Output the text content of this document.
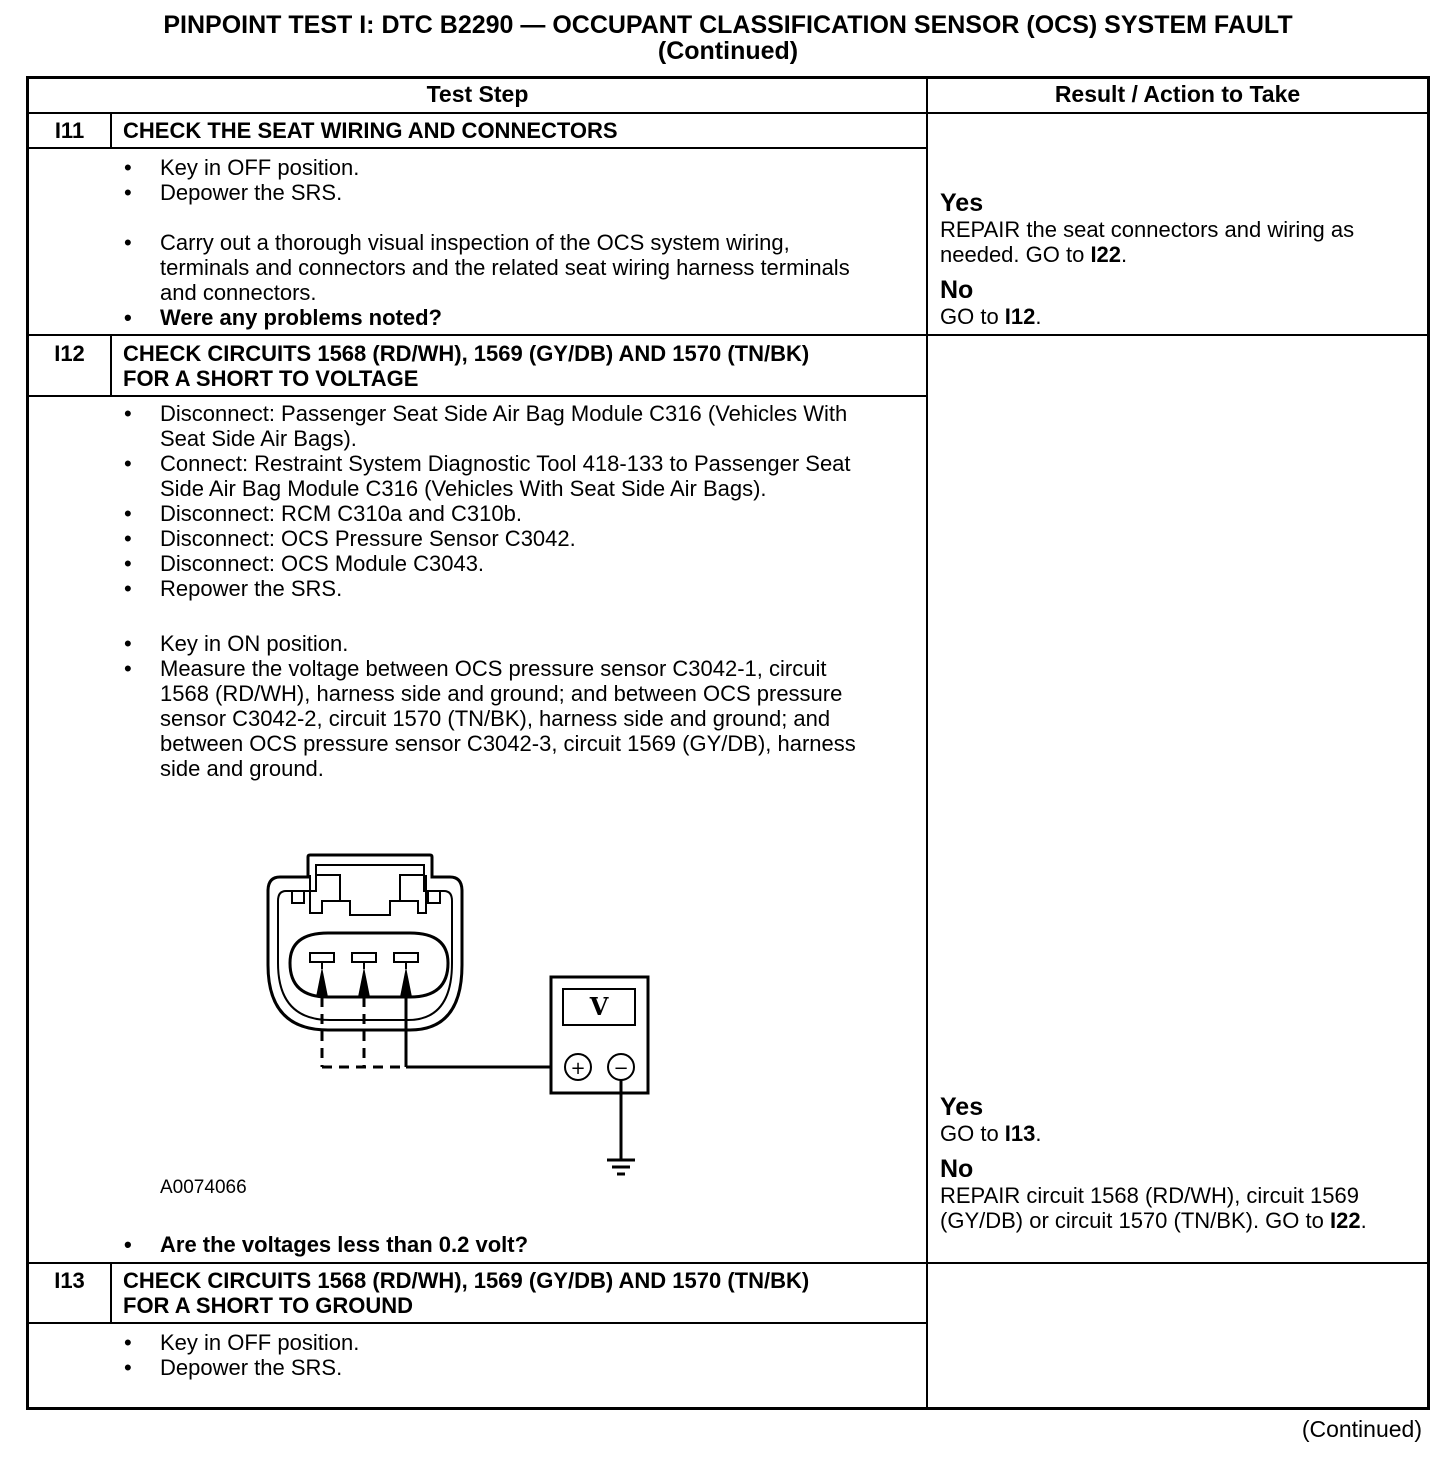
PINPOINT TEST I: DTC B2290 — OCCUPANT CLASSIFICATION SENSOR (OCS) SYSTEM FAULT
(Continued)
Test Step	Result / Action to Take
I11	CHECK THE SEAT WIRING AND CONNECTORS
• Key in OFF position.
• Depower the SRS.
• Carry out a thorough visual inspection of the OCS system wiring, terminals and connectors and the related seat wiring harness terminals and connectors.
• Were any problems noted?
Yes
REPAIR the seat connectors and wiring as needed. GO to I22.
No
GO to I12.
I12	CHECK CIRCUITS 1568 (RD/WH), 1569 (GY/DB) AND 1570 (TN/BK) FOR A SHORT TO VOLTAGE
• Disconnect: Passenger Seat Side Air Bag Module C316 (Vehicles With Seat Side Air Bags).
• Connect: Restraint System Diagnostic Tool 418-133 to Passenger Seat Side Air Bag Module C316 (Vehicles With Seat Side Air Bags).
• Disconnect: RCM C310a and C310b.
• Disconnect: OCS Pressure Sensor C3042.
• Disconnect: OCS Module C3043.
• Repower the SRS.
• Key in ON position.
• Measure the voltage between OCS pressure sensor C3042-1, circuit 1568 (RD/WH), harness side and ground; and between OCS pressure sensor C3042-2, circuit 1570 (TN/BK), harness side and ground; and between OCS pressure sensor C3042-3, circuit 1569 (GY/DB), harness side and ground.
V
+ −
A0074066
• Are the voltages less than 0.2 volt?
Yes
GO to I13.
No
REPAIR circuit 1568 (RD/WH), circuit 1569 (GY/DB) or circuit 1570 (TN/BK). GO to I22.
I13	CHECK CIRCUITS 1568 (RD/WH), 1569 (GY/DB) AND 1570 (TN/BK) FOR A SHORT TO GROUND
• Key in OFF position.
• Depower the SRS.
(Continued)
